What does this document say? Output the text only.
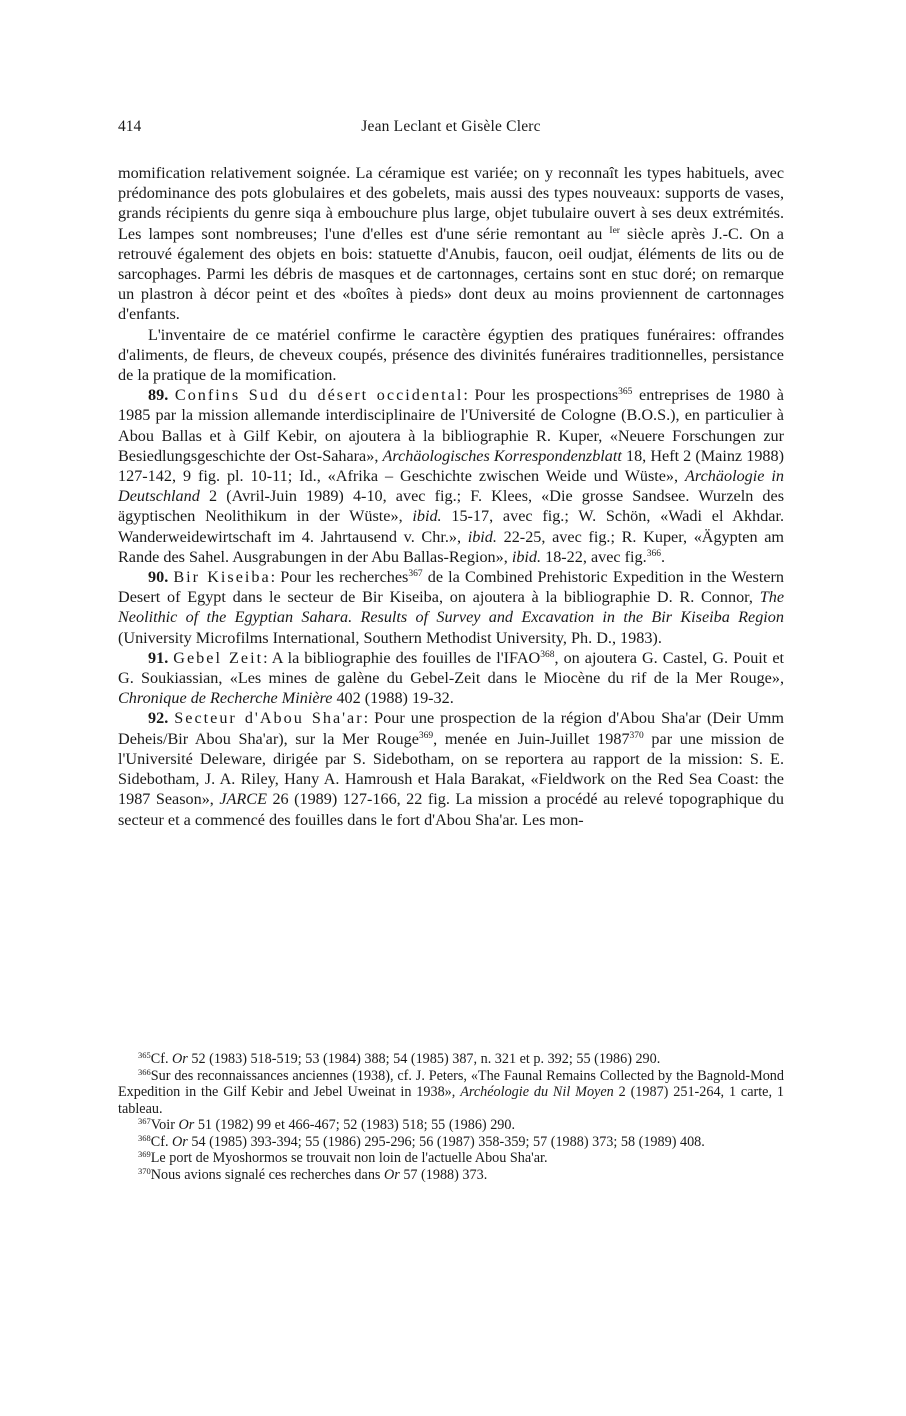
414	Jean Leclant et Gisèle Clerc

momification relativement soignée. La céramique est variée; on y reconnaît les types habituels, avec prédominance des pots globulaires et des gobelets, mais aussi des types nouveaux: supports de vases, grands récipients du genre siqa à embouchure plus large, objet tubulaire ouvert à ses deux extrémités. Les lampes sont nombreuses; l'une d'elles est d'une série remontant au $^{Ier}$ siècle après J.-C. On a retrouvé également des objets en bois: statuette d'Anubis, faucon, oeil oudjat, éléments de lits ou de sarcophages. Parmi les débris de masques et de cartonnages, certains sont en stuc doré; on remarque un plastron à décor peint et des «boîtes à pieds» dont deux au moins proviennent de cartonnages d'enfants.

L'inventaire de ce matériel confirme le caractère égyptien des pratiques funéraires: offrandes d'aliments, de fleurs, de cheveux coupés, présence des divinités funéraires traditionnelles, persistance de la pratique de la momification.

89. Confins Sud du désert occidental: Pour les prospections$^{365}$ entreprises de 1980 à 1985 par la mission allemande interdisciplinaire de l'Université de Cologne (B.O.S.), en particulier à Abou Ballas et à Gilf Kebir, on ajoutera à la bibliographie R. Kuper, «Neuere Forschungen zur Besiedlungsgeschichte der Ost-Sahara», Archäologisches Korrespondenzblatt 18, Heft 2 (Mainz 1988) 127-142, 9 fig. pl. 10-11; Id., «Afrika – Geschichte zwischen Weide und Wüste», Archäologie in Deutschland 2 (Avril-Juin 1989) 4-10, avec fig.; F. Klees, «Die grosse Sandsee. Wurzeln des ägyptischen Neolithikum in der Wüste», ibid. 15-17, avec fig.; W. Schön, «Wadi el Akhdar. Wanderweidewirtschaft im 4. Jahrtausend v. Chr.», ibid. 22-25, avec fig.; R. Kuper, «Ägypten am Rande des Sahel. Ausgrabungen in der Abu Ballas-Region», ibid. 18-22, avec fig.$^{366}$.

90. Bir Kiseiba: Pour les recherches$^{367}$ de la Combined Prehistoric Expedition in the Western Desert of Egypt dans le secteur de Bir Kiseiba, on ajoutera à la bibliographie D. R. Connor, The Neolithic of the Egyptian Sahara. Results of Survey and Excavation in the Bir Kiseiba Region (University Microfilms International, Southern Methodist University, Ph. D., 1983).

91. Gebel Zeit: A la bibliographie des fouilles de l'IFAO$^{368}$, on ajoutera G. Castel, G. Pouit et G. Soukiassian, «Les mines de galène du Gebel-Zeit dans le Miocène du rif de la Mer Rouge», Chronique de Recherche Minière 402 (1988) 19-32.

92. Secteur d'Abou Sha'ar: Pour une prospection de la région d'Abou Sha'ar (Deir Umm Deheis/Bir Abou Sha'ar), sur la Mer Rouge$^{369}$, menée en Juin-Juillet 1987$^{370}$ par une mission de l'Université Deleware, dirigée par S. Sidebotham, on se reportera au rapport de la mission: S. E. Sidebotham, J. A. Riley, Hany A. Hamroush et Hala Barakat, «Fieldwork on the Red Sea Coast: the 1987 Season», JARCE 26 (1989) 127-166, 22 fig. La mission a procédé au relevé topographique du secteur et a commencé des fouilles dans le fort d'Abou Sha'ar. Les mon-

$^{365}$Cf. Or 52 (1983) 518-519; 53 (1984) 388; 54 (1985) 387, n. 321 et p. 392; 55 (1986) 290.

$^{366}$Sur des reconnaissances anciennes (1938), cf. J. Peters, «The Faunal Remains Collected by the Bagnold-Mond Expedition in the Gilf Kebir and Jebel Uweinat in 1938», Archéologie du Nil Moyen 2 (1987) 251-264, 1 carte, 1 tableau.

$^{367}$Voir Or 51 (1982) 99 et 466-467; 52 (1983) 518; 55 (1986) 290.

$^{368}$Cf. Or 54 (1985) 393-394; 55 (1986) 295-296; 56 (1987) 358-359; 57 (1988) 373; 58 (1989) 408.

$^{369}$Le port de Myoshormos se trouvait non loin de l'actuelle Abou Sha'ar.

$^{370}$Nous avions signalé ces recherches dans Or 57 (1988) 373.
